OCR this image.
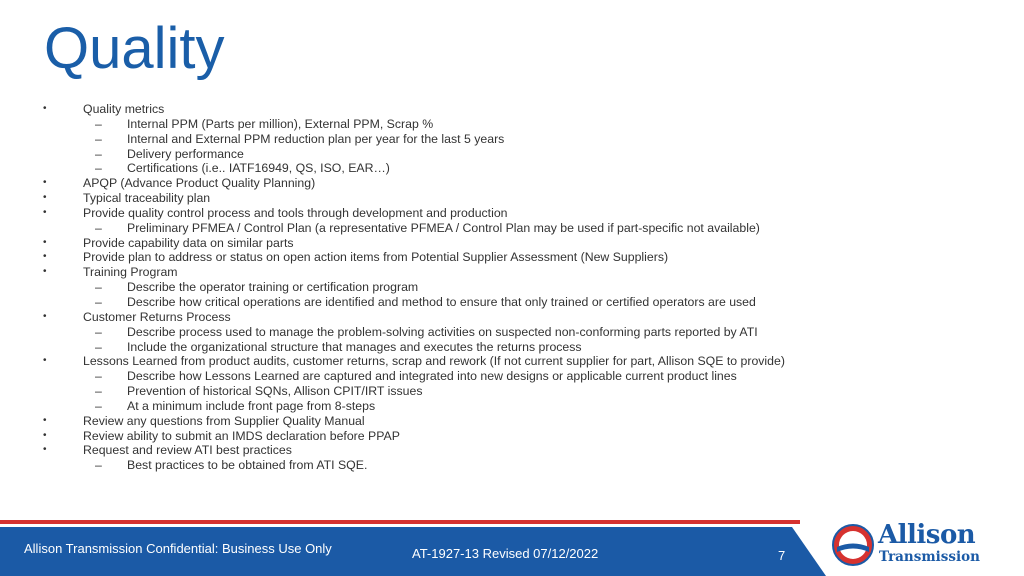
Quality
•	Quality metrics
– Internal PPM (Parts per million), External PPM, Scrap %
– Internal and External PPM reduction plan per year for the last 5 years
– Delivery performance
– Certifications (i.e.. IATF16949, QS, ISO, EAR…)
•	APQP (Advance Product Quality Planning)
•	Typical traceability plan
•	Provide quality control process and tools through development and production
– Preliminary PFMEA / Control Plan (a representative PFMEA / Control Plan may be used if part-specific not available)
•	Provide capability data on similar parts
•	Provide plan to address or status on open action items from Potential Supplier Assessment (New Suppliers)
•	Training Program
– Describe the operator training or certification program
– Describe how critical operations are identified and method to ensure that only trained or certified operators are used
•	Customer Returns Process
– Describe process used to manage the problem-solving activities on suspected non-conforming parts reported by ATI
– Include the organizational structure that manages and executes the returns process
•	Lessons Learned from product audits, customer returns, scrap and rework (If not current supplier for part, Allison SQE to provide)
– Describe how Lessons Learned are captured and integrated into new designs or applicable current product lines
– Prevention of historical SQNs, Allison CPIT/IRT issues
– At a minimum include front page from 8-steps
•	Review any questions from Supplier Quality Manual
•	Review ability to submit an IMDS declaration before PPAP
•	Request and review ATI best practices
– Best practices to be obtained from ATI SQE.
Allison Transmission Confidential: Business Use Only	AT-1927-13 Revised 07/12/2022	7
Allison
Transmission
